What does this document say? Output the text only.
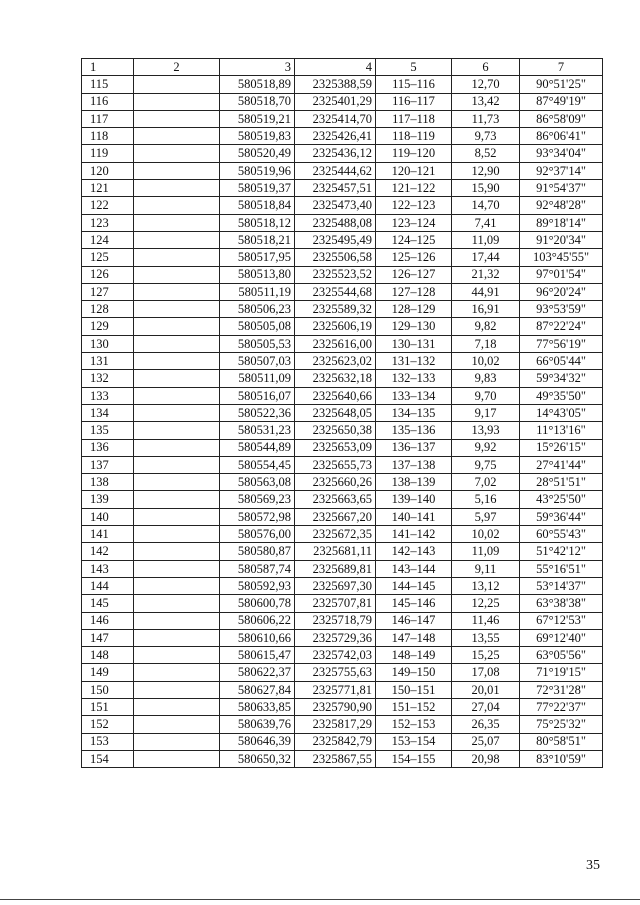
1	2	3	4	5	6	7
115		580518,89	2325388,59	115–116	12,70	90°51'25"
116		580518,70	2325401,29	116–117	13,42	87°49'19"
117		580519,21	2325414,70	117–118	11,73	86°58'09"
118		580519,83	2325426,41	118–119	9,73	86°06'41"
119		580520,49	2325436,12	119–120	8,52	93°34'04"
120		580519,96	2325444,62	120–121	12,90	92°37'14"
121		580519,37	2325457,51	121–122	15,90	91°54'37"
122		580518,84	2325473,40	122–123	14,70	92°48'28"
123		580518,12	2325488,08	123–124	7,41	89°18'14"
124		580518,21	2325495,49	124–125	11,09	91°20'34"
125		580517,95	2325506,58	125–126	17,44	103°45'55"
126		580513,80	2325523,52	126–127	21,32	97°01'54"
127		580511,19	2325544,68	127–128	44,91	96°20'24"
128		580506,23	2325589,32	128–129	16,91	93°53'59"
129		580505,08	2325606,19	129–130	9,82	87°22'24"
130		580505,53	2325616,00	130–131	7,18	77°56'19"
131		580507,03	2325623,02	131–132	10,02	66°05'44"
132		580511,09	2325632,18	132–133	9,83	59°34'32"
133		580516,07	2325640,66	133–134	9,70	49°35'50"
134		580522,36	2325648,05	134–135	9,17	14°43'05"
135		580531,23	2325650,38	135–136	13,93	11°13'16"
136		580544,89	2325653,09	136–137	9,92	15°26'15"
137		580554,45	2325655,73	137–138	9,75	27°41'44"
138		580563,08	2325660,26	138–139	7,02	28°51'51"
139		580569,23	2325663,65	139–140	5,16	43°25'50"
140		580572,98	2325667,20	140–141	5,97	59°36'44"
141		580576,00	2325672,35	141–142	10,02	60°55'43"
142		580580,87	2325681,11	142–143	11,09	51°42'12"
143		580587,74	2325689,81	143–144	9,11	55°16'51"
144		580592,93	2325697,30	144–145	13,12	53°14'37"
145		580600,78	2325707,81	145–146	12,25	63°38'38"
146		580606,22	2325718,79	146–147	11,46	67°12'53"
147		580610,66	2325729,36	147–148	13,55	69°12'40"
148		580615,47	2325742,03	148–149	15,25	63°05'56"
149		580622,37	2325755,63	149–150	17,08	71°19'15"
150		580627,84	2325771,81	150–151	20,01	72°31'28"
151		580633,85	2325790,90	151–152	27,04	77°22'37"
152		580639,76	2325817,29	152–153	26,35	75°25'32"
153		580646,39	2325842,79	153–154	25,07	80°58'51"
154		580650,32	2325867,55	154–155	20,98	83°10'59"
35
